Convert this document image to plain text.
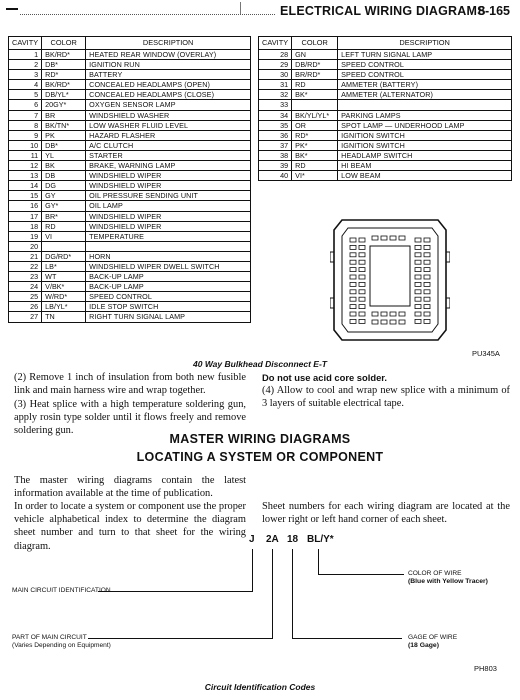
ELECTRICAL WIRING DIAGRAMS
8-165
CAVITY	COLOR	DESCRIPTION
1	BK/RD*	HEATED REAR WINDOW (OVERLAY)
2	DB*	IGNITION RUN
3	RD*	BATTERY
4	BK/RD*	CONCEALED HEADLAMPS (OPEN)
5	DB/YL*	CONCEALED HEADLAMPS (CLOSE)
6	20GY*	OXYGEN SENSOR LAMP
7	BR	WINDSHIELD WASHER
8	BK/TN*	LOW WASHER FLUID LEVEL
9	PK	HAZARD FLASHER
10	DB*	A/C CLUTCH
11	YL	STARTER
12	BK	BRAKE, WARNING LAMP
13	DB	WINDSHIELD WIPER
14	DG	WINDSHIELD WIPER
15	GY	OIL PRESSURE SENDING UNIT
16	GY*	OIL LAMP
17	BR*	WINDSHIELD WIPER
18	RD	WINDSHIELD WIPER
19	VI	TEMPERATURE
20		
21	DG/RD*	HORN
22	LB*	WINDSHIELD WIPER DWELL SWITCH
23	WT	BACK-UP LAMP
24	V/BK*	BACK-UP LAMP
25	W/RD*	SPEED CONTROL
26	LB/YL*	IDLE STOP SWITCH
27	TN	RIGHT TURN SIGNAL LAMP
CAVITY	COLOR	DESCRIPTION
28	GN	LEFT TURN SIGNAL LAMP
29	DB/RD*	SPEED CONTROL
30	BR/RD*	SPEED CONTROL
31	RD	AMMETER (BATTERY)
32	BK*	AMMETER (ALTERNATOR)
33		
34	BK/YL/YL*	PARKING LAMPS
35	OR	SPOT LAMP — UNDERHOOD LAMP
36	RD*	IGNITION SWITCH
37	PK*	IGNITION SWITCH
38	BK*	HEADLAMP SWITCH
39	RD	HI BEAM
40	VI*	LOW BEAM
PU345A
40 Way Bulkhead Disconnect E-T
(2) Remove 1 inch of insulation from both new fusible link and main harness wire and wrap together.
(3) Heat splice with a high temperature soldering gun, apply rosin type solder until it flows freely and remove soldering gun.
Do not use acid core solder.
(4) Allow to cool and wrap new splice with a minimum of 3 layers of suitable electrical tape.
MASTER WIRING DIAGRAMS
LOCATING A SYSTEM OR COMPONENT
The master wiring diagrams contain the latest information available at the time of publication.
In order to locate a system or component use the proper vehicle alphabetical index to determine the diagram sheet number and turn to that sheet for the wiring diagram.
Sheet numbers for each wiring diagram are located at the lower right or left hand corner of each sheet.
J 2A 18 BL/Y*
MAIN CIRCUIT IDENTIFICATION
PART OF MAIN CIRCUIT
(Varies Depending on Equipment)
COLOR OF WIRE
(Blue with Yellow Tracer)
GAGE OF WIRE
(18 Gage)
PH803
Circuit Identification Codes
